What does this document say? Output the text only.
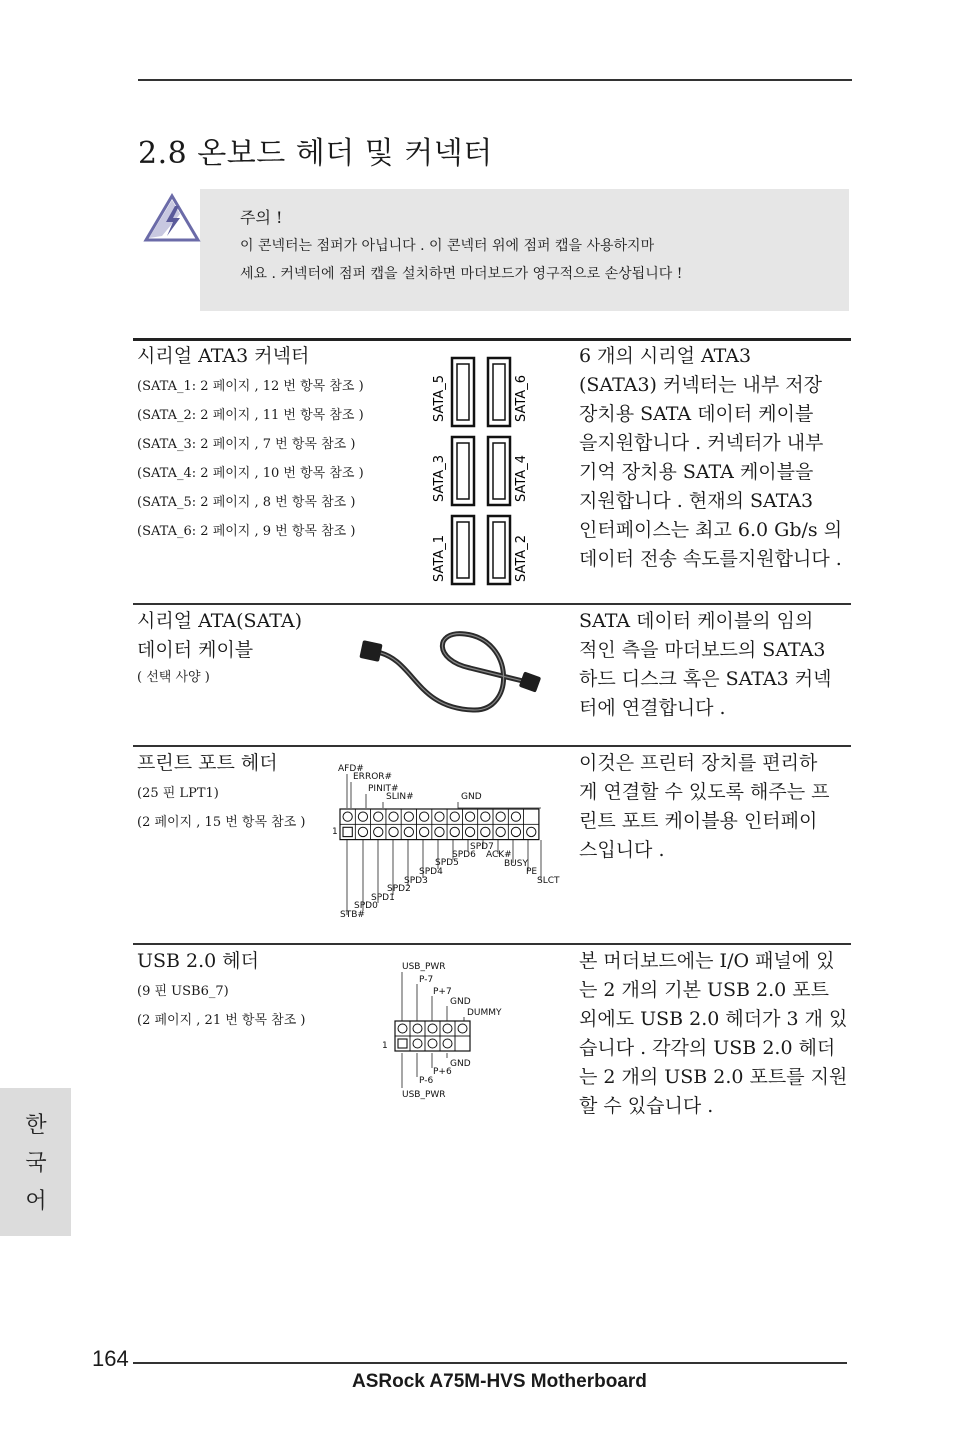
2.8 온보드 헤더 및 커넥터
주의 !
이 콘넥터는 점퍼가 아닙니다 . 이 콘넥터 위에 점퍼 캡을 사용하지마
세요 . 커넥터에 점퍼 캡을 설치하면 마더보드가 영구적으로 손상됩니다 !
시리얼 ATA3 커넥터
(SATA_1: 2 페이지 , 12 번 항목 참조 )
(SATA_2: 2 페이지 , 11 번 항목 참조 )
(SATA_3: 2 페이지 , 7 번 항목 참조 )
(SATA_4: 2 페이지 , 10 번 항목 참조 )
(SATA_5: 2 페이지 , 8 번 항목 참조 )
(SATA_6: 2 페이지 , 9 번 항목 참조 )
SATA_5	SATA_6
SATA_3	SATA_4
SATA_1	SATA_2
6 개의 시리얼 ATA3
(SATA3) 커넥터는 내부 저장
장치용 SATA 데이터 케이블
을지원합니다 . 커넥터가 내부
기억 장치용 SATA 케이블을
지원합니다 . 현재의 SATA3
인터페이스는 최고 6.0 Gb/s 의
데이터 전송 속도를지원합니다 .
시리얼 ATA(SATA)
데이터 케이블
( 선택 사양 )
SATA 데이터 케이블의 임의
적인 측을 마더보드의 SATA3
하드 디스크 혹은 SATA3 커넥
터에 연결합니다 .
프린트 포트 헤더
(25 핀 LPT1)
(2 페이지 , 15 번 항목 참조 )
AFD#
ERROR#
PINIT#
SLIN#	GND
1
SPD7
SPD6 ACK#
SPD5	BUSY
SPD4	PE
SPD3	SLCT
SPD2
SPD1
SPD0
STB#
이것은 프린터 장치를 편리하
게 연결할 수 있도록 해주는 프
린트 포트 케이블용 인터페이
스입니다 .
USB 2.0 헤더
(9 핀 USB6_7)
(2 페이지 , 21 번 항목 참조 )
USB_PWR
P-7
P+7
GND
DUMMY
1
GND
P+6
P-6
USB_PWR
본 머더보드에는 I/O 패널에 있
는 2 개의 기본 USB 2.0 포트
외에도 USB 2.0 헤더가 3 개 있
습니다 . 각각의 USB 2.0 헤더
는 2 개의 USB 2.0 포트를 지원
할 수 있습니다 .
한
국
어
164
ASRock A75M-HVS Motherboard
